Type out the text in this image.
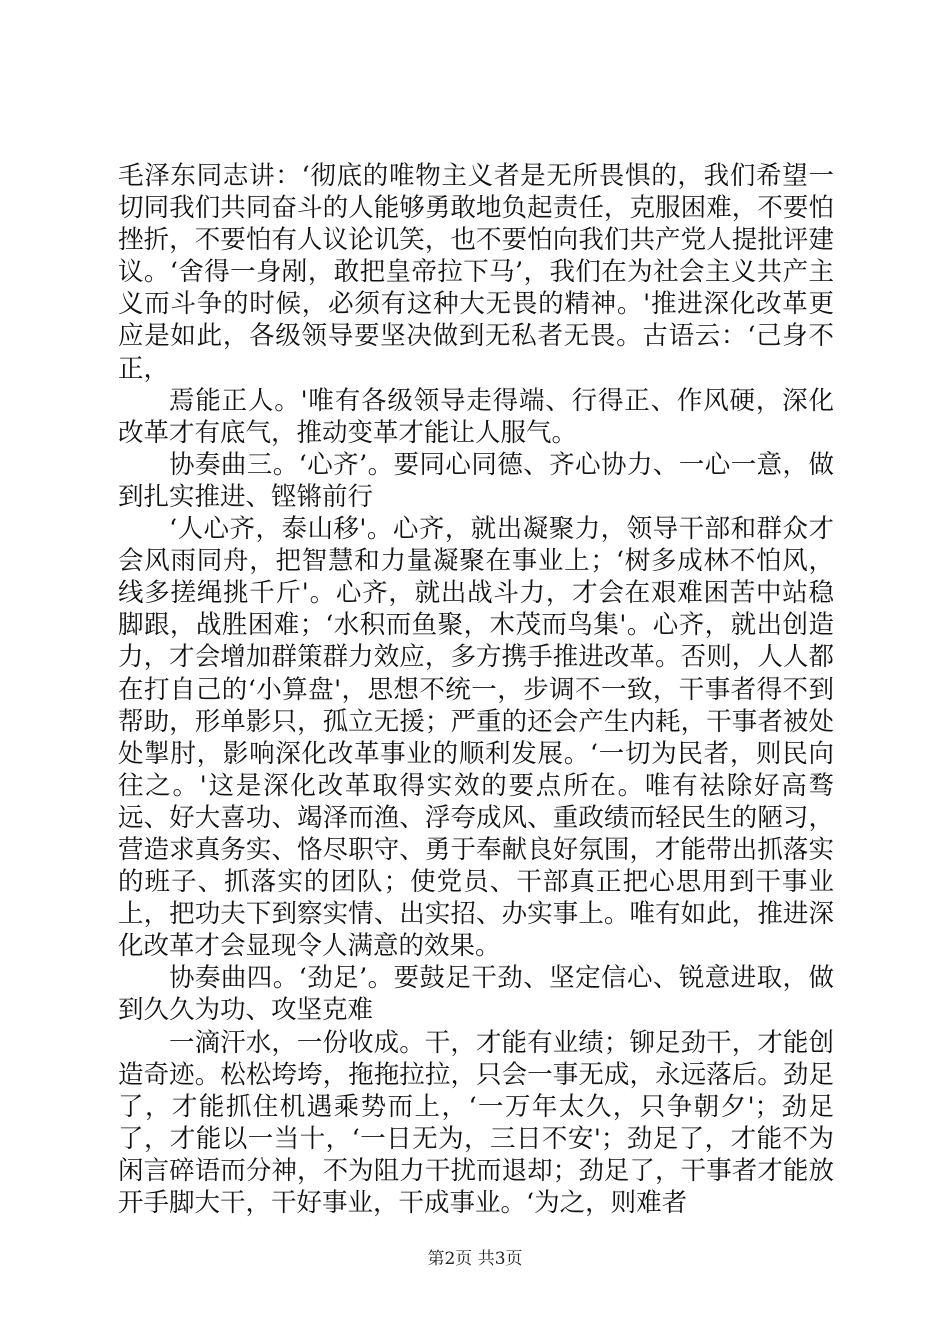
毛泽东同志讲：‘彻底的唯物主义者是无所畏惧的，我们希望一切同我们共同奋斗的人能够勇敢地负起责任，克服困难，不要怕挫折，不要怕有人议论讥笑，也不要怕向我们共产党人提批评建议。‘舍得一身剐，敢把皇帝拉下马’，我们在为社会主义共产主义而斗争的时候，必须有这种大无畏的精神。'推进深化改革更应是如此，各级领导要坚决做到无私者无畏。古语云：‘己身不正，

焉能正人。'唯有各级领导走得端、行得正、作风硬，深化改革才有底气，推动变革才能让人服气。

协奏曲三。‘心齐’。要同心同德、齐心协力、一心一意，做到扎实推进、铿锵前行

‘人心齐，泰山移'。心齐，就出凝聚力，领导干部和群众才会风雨同舟，把智慧和力量凝聚在事业上；‘树多成林不怕风，线多搓绳挑千斤'。心齐，就出战斗力，才会在艰难困苦中站稳脚跟，战胜困难；‘水积而鱼聚，木茂而鸟集'。心齐，就出创造力，才会增加群策群力效应，多方携手推进改革。否则，人人都在打自己的‘小算盘'，思想不统一，步调不一致，干事者得不到帮助，形单影只，孤立无援；严重的还会产生内耗，干事者被处处掣肘，影响深化改革事业的顺利发展。‘一切为民者，则民向往之。'这是深化改革取得实效的要点所在。唯有祛除好高骛远、好大喜功、竭泽而渔、浮夸成风、重政绩而轻民生的陋习，营造求真务实、恪尽职守、勇于奉献良好氛围，才能带出抓落实的班子、抓落实的团队；使党员、干部真正把心思用到干事业上，把功夫下到察实情、出实招、办实事上。唯有如此，推进深化改革才会显现令人满意的效果。

协奏曲四。‘劲足’。要鼓足干劲、坚定信心、锐意进取，做到久久为功、攻坚克难

一滴汗水，一份收成。干，才能有业绩；铆足劲干，才能创造奇迹。松松垮垮，拖拖拉拉，只会一事无成，永远落后。劲足了，才能抓住机遇乘势而上，‘一万年太久，只争朝夕'；劲足了，才能以一当十，‘一日无为，三日不安'；劲足了，才能不为闲言碎语而分神，不为阻力干扰而退却；劲足了，干事者才能放开手脚大干，干好事业，干成事业。‘为之，则难者

第2页 共3页
